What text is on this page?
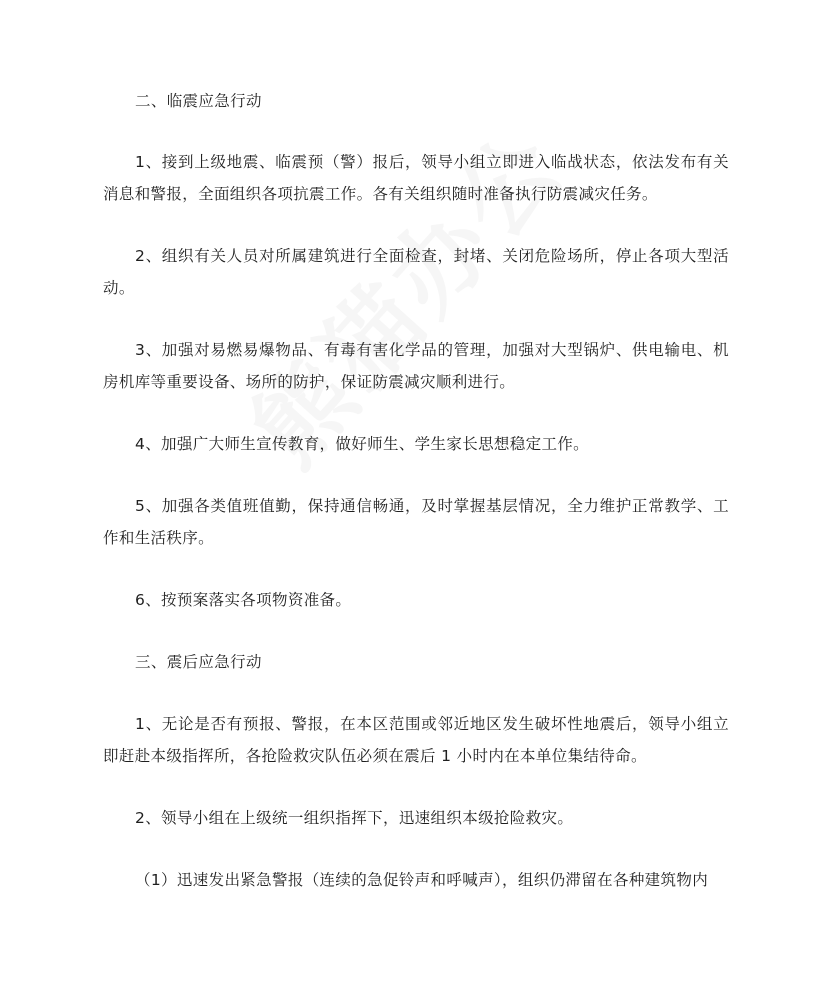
二、临震应急行动
1、接到上级地震、临震预（警）报后，领导小组立即进入临战状态，依法发布有关消息和警报，全面组织各项抗震工作。各有关组织随时准备执行防震减灾任务。
2、组织有关人员对所属建筑进行全面检查，封堵、关闭危险场所，停止各项大型活动。
3、加强对易燃易爆物品、有毒有害化学品的管理，加强对大型锅炉、供电输电、机房机库等重要设备、场所的防护，保证防震减灾顺利进行。
4、加强广大师生宣传教育，做好师生、学生家长思想稳定工作。
5、加强各类值班值勤，保持通信畅通，及时掌握基层情况，全力维护正常教学、工作和生活秩序。
6、按预案落实各项物资准备。
三、震后应急行动
1、无论是否有预报、警报，在本区范围或邻近地区发生破坏性地震后，领导小组立即赶赴本级指挥所，各抢险救灾队伍必须在震后 1 小时内在本单位集结待命。
2、领导小组在上级统一组织指挥下，迅速组织本级抢险救灾。
（1）迅速发出紧急警报（连续的急促铃声和呼喊声），组织仍滞留在各种建筑物内
